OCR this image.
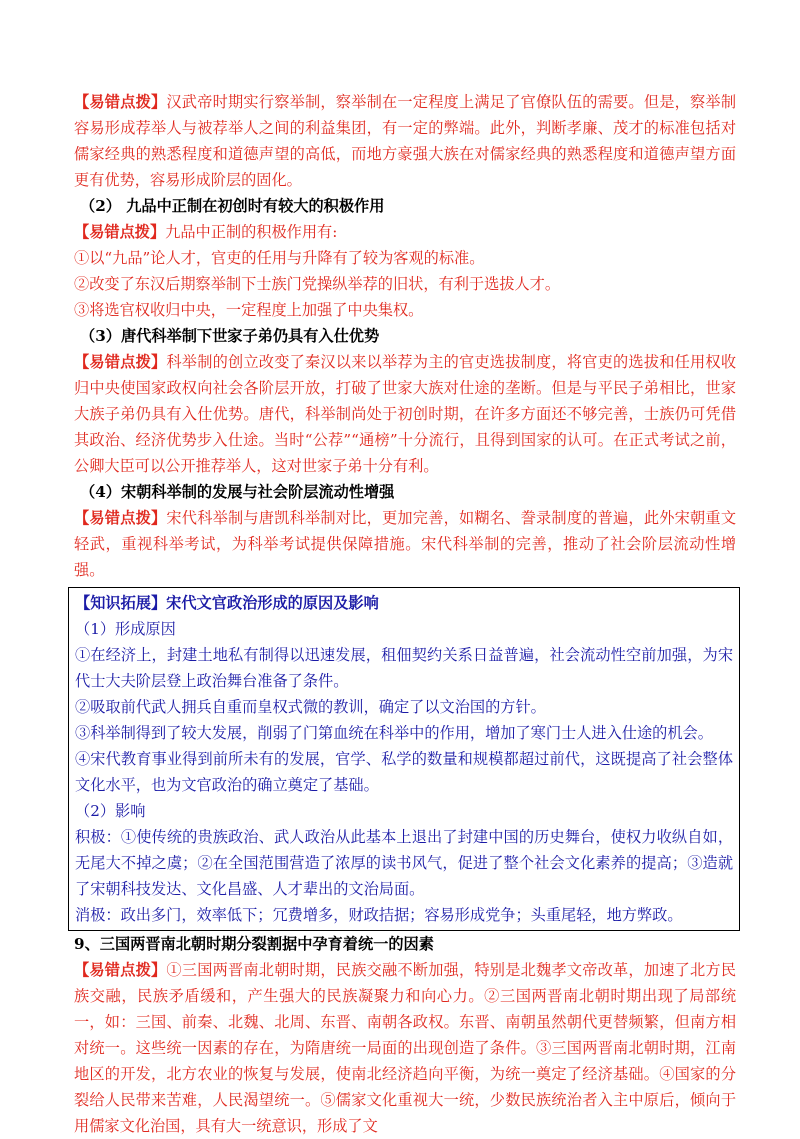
【易错点拨】汉武帝时期实行察举制，察举制在一定程度上满足了官僚队伍的需要。但是，察举制容易形成荐举人与被荐举人之间的利益集团，有一定的弊端。此外，判断孝廉、茂才的标准包括对儒家经典的熟悉程度和道德声望的高低，而地方豪强大族在对儒家经典的熟悉程度和道德声望方面更有优势，容易形成阶层的固化。

（2） 九品中正制在初创时有较大的积极作用

【易错点拨】九品中正制的积极作用有:

①以“九品”论人才，官吏的任用与升降有了较为客观的标准。

②改变了东汉后期察举制下士族门党操纵举荐的旧状，有利于选拔人才。

③将选官权收归中央，一定程度上加强了中央集权。

（3）唐代科举制下世家子弟仍具有入仕优势

【易错点拨】科举制的创立改变了秦汉以来以举荐为主的官吏选拔制度，将官吏的选拔和任用权收归中央使国家政权向社会各阶层开放，打破了世家大族对仕途的垄断。但是与平民子弟相比，世家大族子弟仍具有入仕优势。唐代，科举制尚处于初创时期，在许多方面还不够完善，士族仍可凭借其政治、经济优势步入仕途。当时“公荐”“通榜”十分流行，且得到国家的认可。在正式考试之前，公卿大臣可以公开推荐举人，这对世家子弟十分有利。

（4）宋朝科举制的发展与社会阶层流动性增强

【易错点拨】宋代科举制与唐凯科举制对比，更加完善，如糊名、誊录制度的普遍，此外宋朝重文轻武，重视科举考试，为科举考试提供保障措施。宋代科举制的完善，推动了社会阶层流动性增强。

【知识拓展】宋代文官政治形成的原因及影响

（1）形成原因

①在经济上，封建土地私有制得以迅速发展，租佃契约关系日益普遍，社会流动性空前加强，为宋代士大夫阶层登上政治舞台准备了条件。

②吸取前代武人拥兵自重而皇权式微的教训，确定了以文治国的方针。

③科举制得到了较大发展，削弱了门第血统在科举中的作用，增加了寒门士人进入仕途的机会。

④宋代教育事业得到前所未有的发展，官学、私学的数量和规模都超过前代，这既提高了社会整体文化水平，也为文官政治的确立奠定了基础。

（2）影响

积极：①使传统的贵族政治、武人政治从此基本上退出了封建中国的历史舞台，使权力收纵自如，无尾大不掉之虞；②在全国范围营造了浓厚的读书风气，促进了整个社会文化素养的提高；③造就了宋朝科技发达、文化昌盛、人才辈出的文治局面。

消极：政出多门，效率低下；冗费增多，财政拮据；容易形成党争；头重尾轻，地方弊政。

9、三国两晋南北朝时期分裂割据中孕育着统一的因素

【易错点拨】①三国两晋南北朝时期，民族交融不断加强，特别是北魏孝文帝改革，加速了北方民族交融，民族矛盾缓和，产生强大的民族凝聚力和向心力。②三国两晋南北朝时期出现了局部统一，如：三国、前秦、北魏、北周、东晋、南朝各政权。东晋、南朝虽然朝代更替频繁，但南方相对统一。这些统一因素的存在，为隋唐统一局面的出现创造了条件。③三国两晋南北朝时期，江南地区的开发，北方农业的恢复与发展，使南北经济趋向平衡，为统一奠定了经济基础。④国家的分裂给人民带来苦难，人民渴望统一。⑤儒家文化重视大一统，少数民族统治者入主中原后，倾向于用儒家文化治国，具有大一统意识，形成了文
